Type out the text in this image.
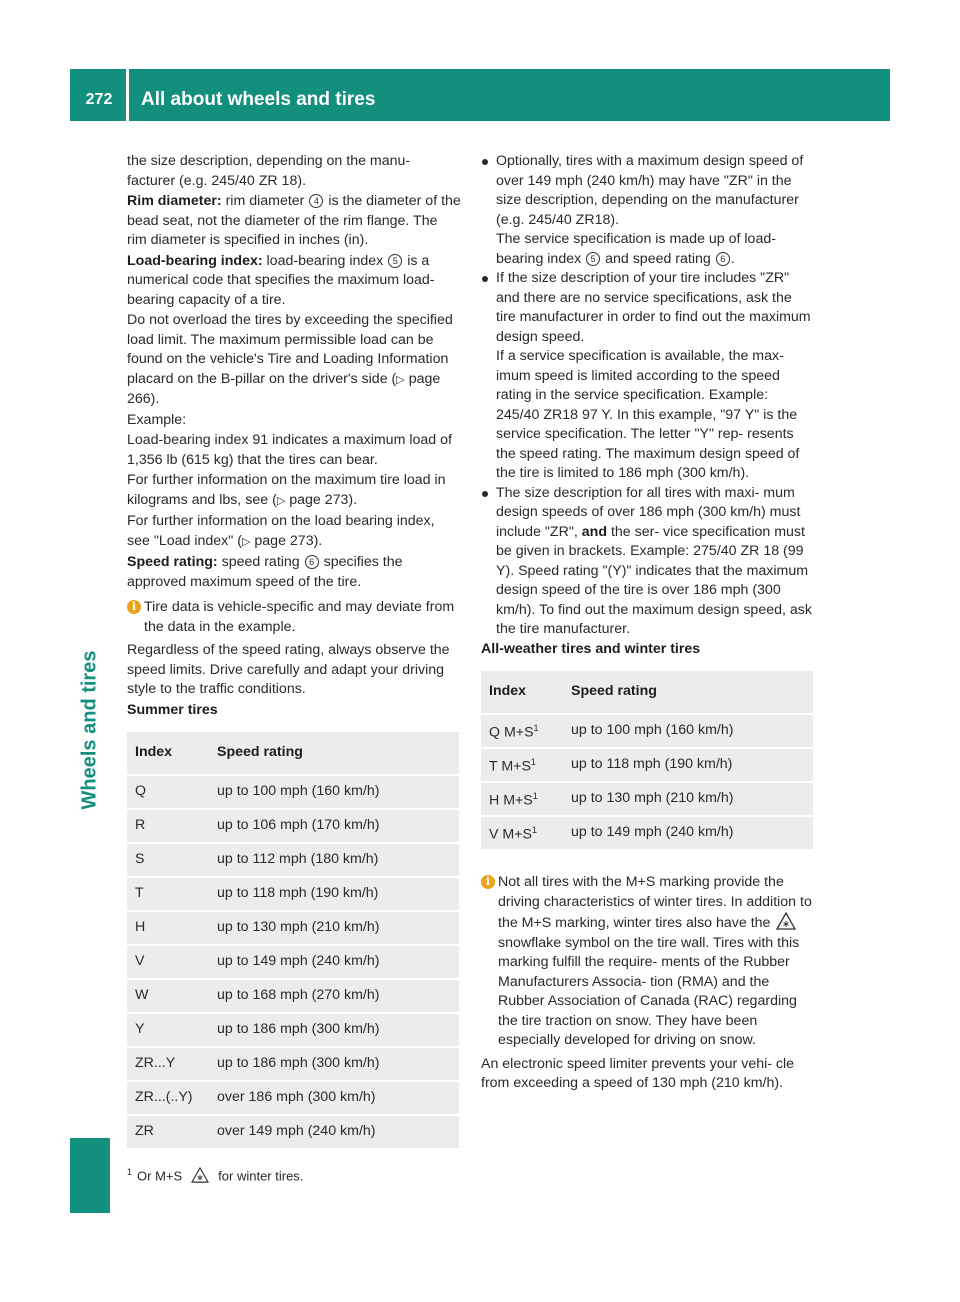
272	All about wheels and tires
Wheels and tires

the size description, depending on the manu- facturer (e.g. 245/40 ZR 18).

Rim diameter: rim diameter 4 is the diameter of the bead seat, not the diameter of the rim flange. The rim diameter is specified in inches (in).

Load-bearing index: load-bearing index 5 is a numerical code that specifies the maximum load-bearing capacity of a tire.

Do not overload the tires by exceeding the specified load limit. The maximum permissible load can be found on the vehicle's Tire and Loading Information placard on the B-pillar on the driver's side (▷ page 266).

Example:

Load-bearing index 91 indicates a maximum load of 1,356 lb (615 kg) that the tires can bear.

For further information on the maximum tire load in kilograms and lbs, see (▷ page 273).

For further information on the load bearing index, see "Load index" (▷ page 273).

Speed rating: speed rating 6 specifies the approved maximum speed of the tire.

i Tire data is vehicle-specific and may deviate from the data in the example.

Regardless of the speed rating, always observe the speed limits. Drive carefully and adapt your driving style to the traffic conditions.

Summer tires

Index	Speed rating
Q	up to 100 mph (160 km/h)
R	up to 106 mph (170 km/h)
S	up to 112 mph (180 km/h)
T	up to 118 mph (190 km/h)
H	up to 130 mph (210 km/h)
V	up to 149 mph (240 km/h)
W	up to 168 mph (270 km/h)
Y	up to 186 mph (300 km/h)
ZR...Y	up to 186 mph (300 km/h)
ZR...(..Y)	over 186 mph (300 km/h)
ZR	over 149 mph (240 km/h)

Optionally, tires with a maximum design speed of over 149 mph (240 km/h) may have "ZR" in the size description, depending on the manufacturer (e.g. 245/40 ZR18).

The service specification is made up of load- bearing index 5 and speed rating 6 .

If the size description of your tire includes "ZR" and there are no service specifications, ask the tire manufacturer in order to find out the maximum design speed.

If a service specification is available, the max- imum speed is limited according to the speed rating in the service specification. Example: 245/40 ZR18 97 Y. In this example, "97 Y" is the service specification. The letter "Y" rep- resents the speed rating. The maximum design speed of the tire is limited to 186 mph (300 km/h).

The size description for all tires with maxi- mum design speeds of over 186 mph (300 km/h) must include "ZR", and the ser- vice specification must be given in brackets. Example: 275/40 ZR 18 (99 Y). Speed rating "(Y)" indicates that the maximum design speed of the tire is over 186 mph (300 km/h). To find out the maximum design speed, ask the tire manufacturer.

All-weather tires and winter tires

Index	Speed rating
Q $M+S^1$	up to 100 mph (160 km/h)
T $M+S^1$	up to 118 mph (190 km/h)
H $M+S^1$	up to 130 mph (210 km/h)
V $M+S^1$	up to 149 mph (240 km/h)
i Not all tires with the M+S marking provide the driving characteristics of winter tires. In addition to the M+S marking, winter tires also have thesnowflake symbol on the tire wall. Tires with this marking fulfill the require- ments of the Rubber Manufacturers Associa- tion (RMA) and the Rubber Association of Canada (RAC) regarding the tire traction on snow. They have been especially developed for driving on snow.

An electronic speed limiter prevents your vehi- cle from exceeding a speed of 130 mph (210 km/h).

$^1$ Or M+S	for winter tires.
